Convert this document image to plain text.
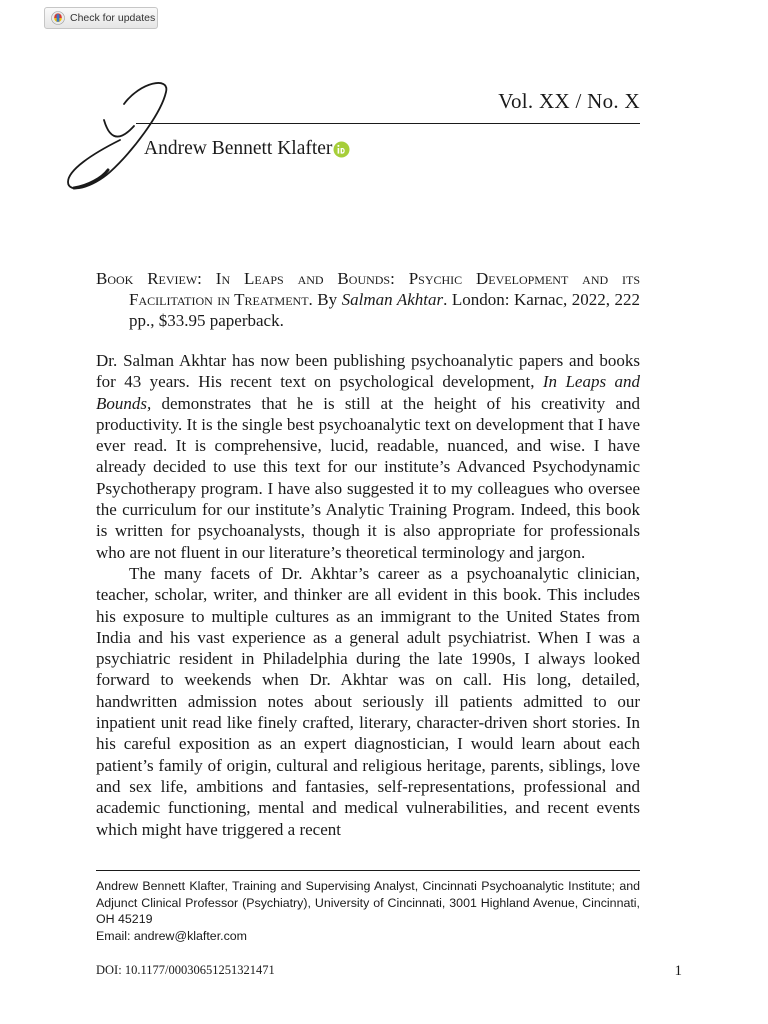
Check for updates
Vol. XX / No. X
Andrew Bennett Klafter
Book Review: In Leaps and Bounds: Psychic Development and its Facilitation in Treatment. By Salman Akhtar. London: Karnac, 2022, 222 pp., $33.95 paperback.

Dr. Salman Akhtar has now been publishing psychoanalytic papers and books for 43 years. His recent text on psychological development, In Leaps and Bounds, demonstrates that he is still at the height of his creativity and productivity. It is the single best psychoanalytic text on development that I have ever read. It is comprehensive, lucid, readable, nuanced, and wise. I have already decided to use this text for our institute’s Advanced Psychodynamic Psychotherapy program. I have also suggested it to my colleagues who oversee the curriculum for our institute’s Analytic Training Program. Indeed, this book is written for psychoanalysts, though it is also appropriate for professionals who are not fluent in our literature’s theoretical terminology and jargon.

The many facets of Dr. Akhtar’s career as a psychoanalytic clinician, teacher, scholar, writer, and thinker are all evident in this book. This includes his exposure to multiple cultures as an immigrant to the United States from India and his vast experience as a general adult psychiatrist. When I was a psychiatric resident in Philadelphia during the late 1990s, I always looked forward to weekends when Dr. Akhtar was on call. His long, detailed, handwritten admission notes about seriously ill patients admitted to our inpatient unit read like finely crafted, literary, character-driven short stories. In his careful exposition as an expert diagnostician, I would learn about each patient’s family of origin, cultural and religious heritage, parents, siblings, love and sex life, ambitions and fantasies, self-representations, professional and academic functioning, mental and medical vulnerabilities, and recent events which might have triggered a recent

Andrew Bennett Klafter, Training and Supervising Analyst, Cincinnati Psychoanalytic Institute; and Adjunct Clinical Professor (Psychiatry), University of Cincinnati, 3001 Highland Avenue, Cincinnati, OH 45219
Email: andrew@klafter.com
DOI: 10.1177/00030651251321471	1
